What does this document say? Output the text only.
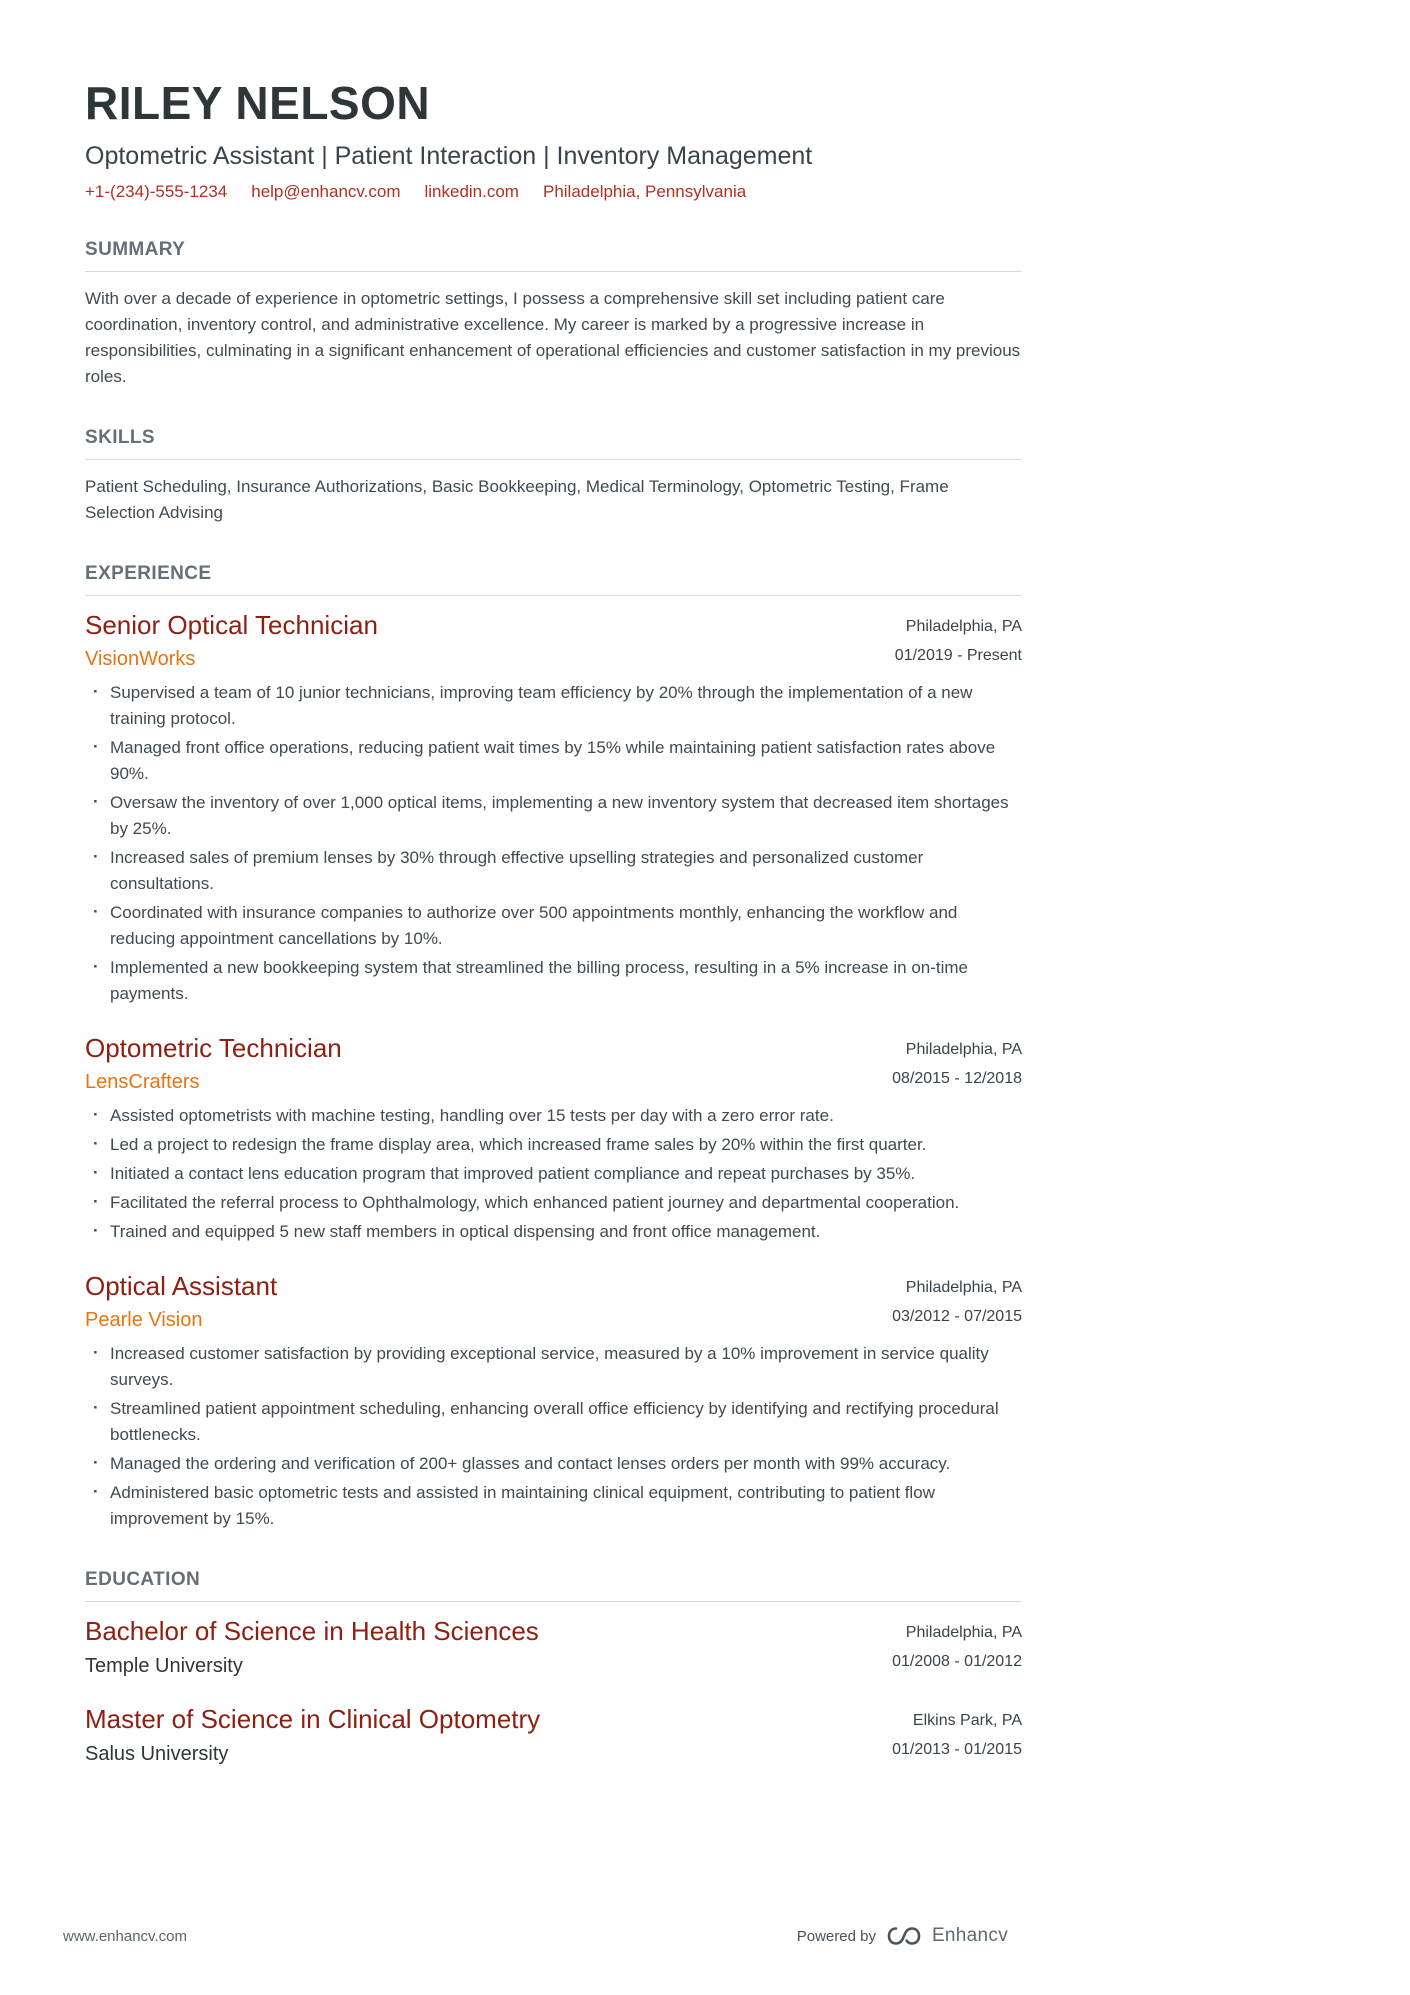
RILEY NELSON
Optometric Assistant | Patient Interaction | Inventory Management
+1-(234)-555-1234 help@enhancv.com linkedin.com Philadelphia, Pennsylvania
SUMMARY
With over a decade of experience in optometric settings, I possess a comprehensive skill set including patient care coordination, inventory control, and administrative excellence. My career is marked by a progressive increase in responsibilities, culminating in a significant enhancement of operational efficiencies and customer satisfaction in my previous roles.
SKILLS
Patient Scheduling, Insurance Authorizations, Basic Bookkeeping, Medical Terminology, Optometric Testing, Frame Selection Advising
EXPERIENCE
Senior Optical Technician
VisionWorks
Philadelphia, PA
01/2019 - Present
· Supervised a team of 10 junior technicians, improving team efficiency by 20% through the implementation of a new training protocol.
· Managed front office operations, reducing patient wait times by 15% while maintaining patient satisfaction rates above 90%.
· Oversaw the inventory of over 1,000 optical items, implementing a new inventory system that decreased item shortages by 25%.
· Increased sales of premium lenses by 30% through effective upselling strategies and personalized customer consultations.
· Coordinated with insurance companies to authorize over 500 appointments monthly, enhancing the workflow and reducing appointment cancellations by 10%.
· Implemented a new bookkeeping system that streamlined the billing process, resulting in a 5% increase in on-time payments.
Optometric Technician
LensCrafters
Philadelphia, PA
08/2015 - 12/2018
· Assisted optometrists with machine testing, handling over 15 tests per day with a zero error rate.
· Led a project to redesign the frame display area, which increased frame sales by 20% within the first quarter.
· Initiated a contact lens education program that improved patient compliance and repeat purchases by 35%.
· Facilitated the referral process to Ophthalmology, which enhanced patient journey and departmental cooperation.
· Trained and equipped 5 new staff members in optical dispensing and front office management.
Optical Assistant
Pearle Vision
Philadelphia, PA
03/2012 - 07/2015
· Increased customer satisfaction by providing exceptional service, measured by a 10% improvement in service quality surveys.
· Streamlined patient appointment scheduling, enhancing overall office efficiency by identifying and rectifying procedural bottlenecks.
· Managed the ordering and verification of 200+ glasses and contact lenses orders per month with 99% accuracy.
· Administered basic optometric tests and assisted in maintaining clinical equipment, contributing to patient flow improvement by 15%.
EDUCATION
Bachelor of Science in Health Sciences
Temple University
Philadelphia, PA
01/2008 - 01/2012
Master of Science in Clinical Optometry
Salus University
Elkins Park, PA
01/2013 - 01/2015
www.enhancv.com	Powered by	Enhancv
